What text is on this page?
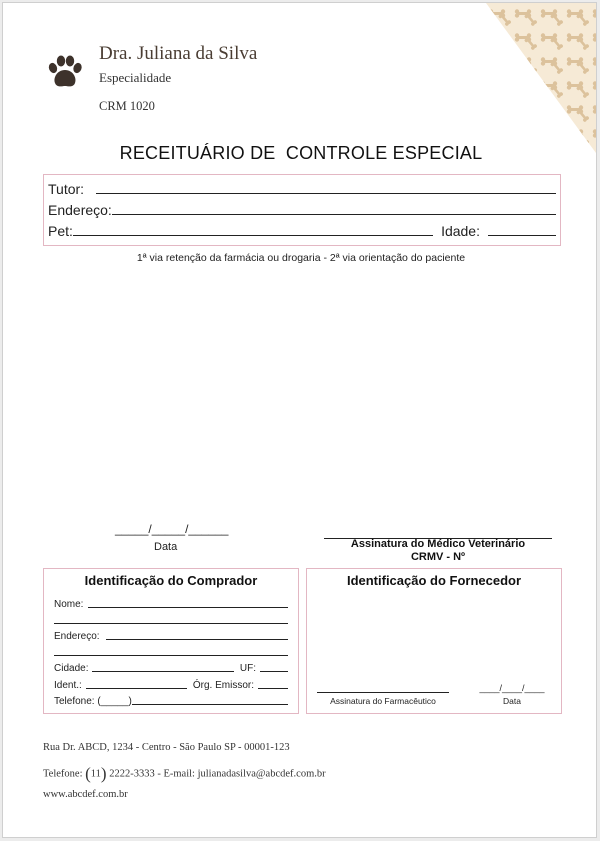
Dra. Juliana da Silva
Especialidade
CRM 1020
RECEITUÁRIO DE  CONTROLE ESPECIAL
Tutor:
Endereço:
Pet:	Idade:
1ª via retenção da farmácia ou drogaria - 2ª via orientação do paciente
_____/_____/______
Data	Assinatura do Médico Veterinário
CRMV - Nº
Identificação do Comprador
Nome:
Endereço:
Cidade:	UF:
Ident.:	Órg. Emissor:
Telefone: (_____)
Identificação do Fornecedor
Assinatura do Farmacêutico
____/____/____
Data
Rua Dr. ABCD, 1234 - Centro - São Paulo SP - 00001-123
Telefone: (11) 2222-3333 - E-mail: julianadasilva@abcdef.com.br
www.abcdef.com.br
